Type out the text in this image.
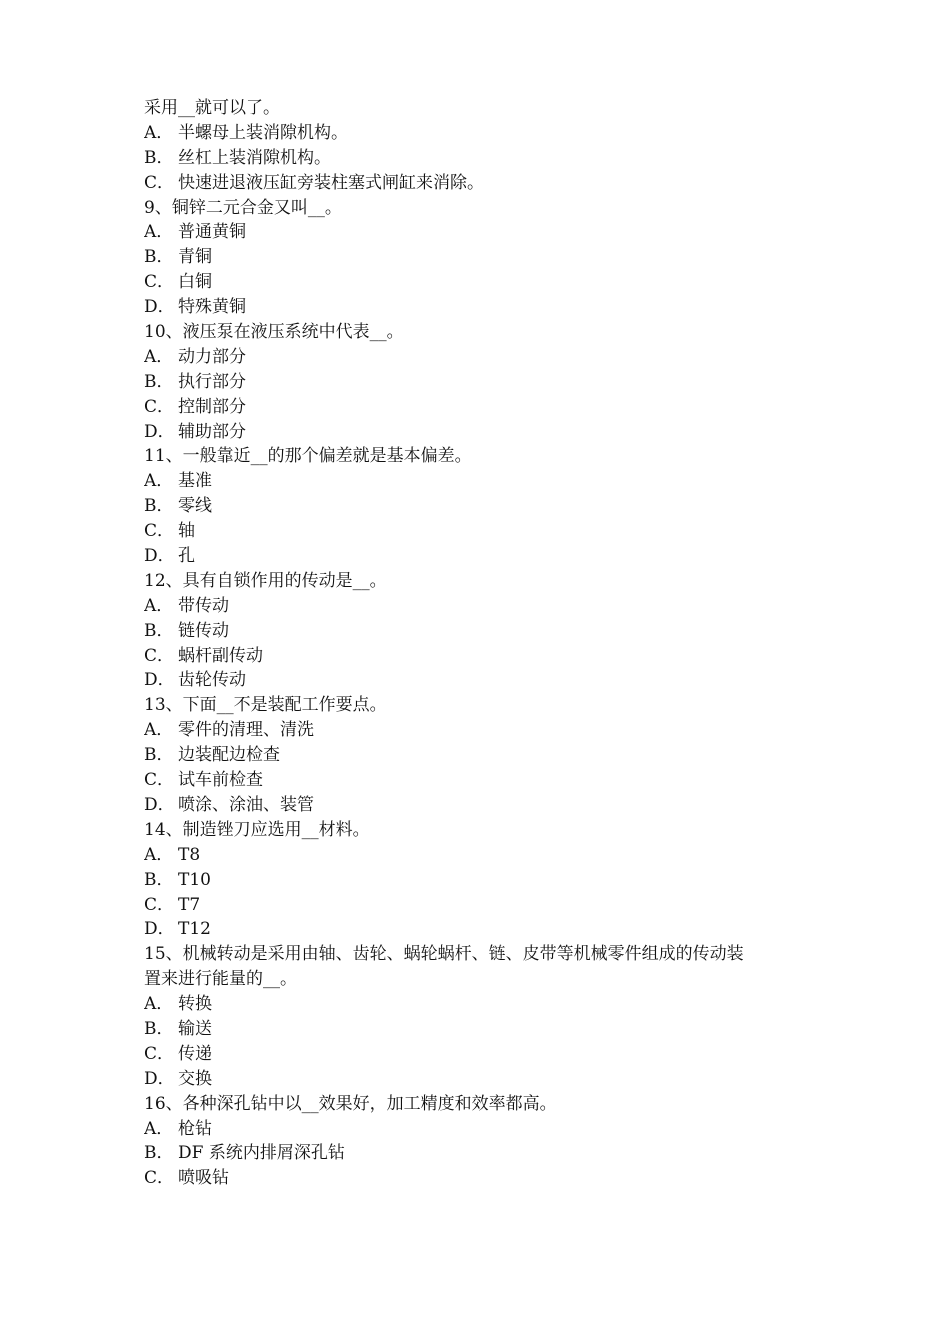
采用__就可以了。
A． 半螺母上装消隙机构。
B． 丝杠上装消隙机构。
C． 快速进退液压缸旁装柱塞式闸缸来消除。
9、铜锌二元合金又叫__。
A． 普通黄铜
B． 青铜
C． 白铜
D． 特殊黄铜
10、液压泵在液压系统中代表__。
A． 动力部分
B． 执行部分
C． 控制部分
D． 辅助部分
11、一般靠近__的那个偏差就是基本偏差。
A． 基准
B． 零线
C． 轴
D． 孔
12、具有自锁作用的传动是__。
A． 带传动
B． 链传动
C． 蜗杆副传动
D． 齿轮传动
13、下面__不是装配工作要点。
A． 零件的清理、清洗
B． 边装配边检查
C． 试车前检查
D． 喷涂、涂油、装管
14、制造锉刀应选用__材料。
A． T8
B． T10
C． T7
D． T12
15、机械转动是采用由轴、齿轮、蜗轮蜗杆、链、皮带等机械零件组成的传动装
置来进行能量的__。
A． 转换
B． 输送
C． 传递
D． 交换
16、各种深孔钻中以__效果好，加工精度和效率都高。
A． 枪钻
B． DF 系统内排屑深孔钻
C． 喷吸钻
